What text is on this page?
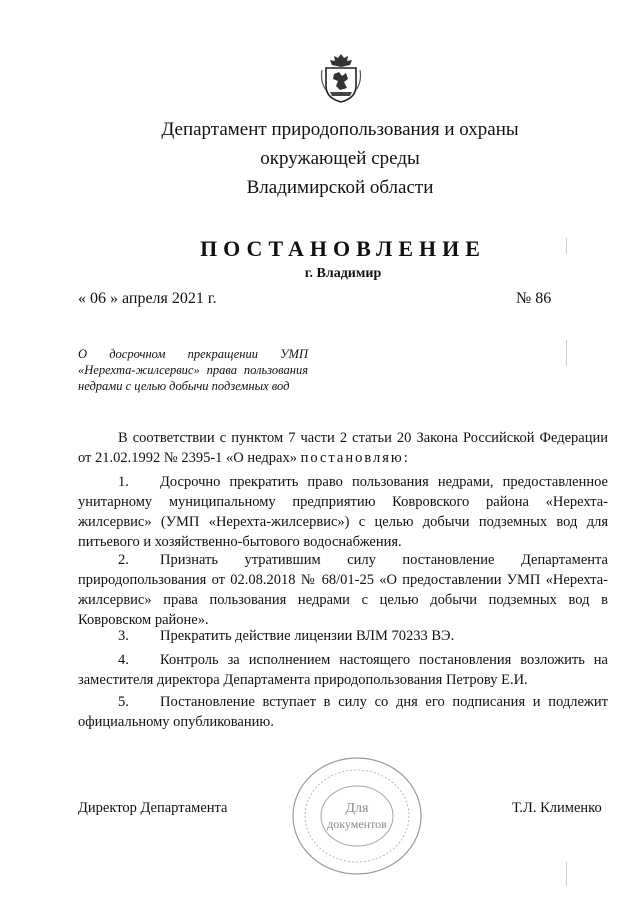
Департамент природопользования и охраны
окружающей среды
Владимирской области
ПОСТАНОВЛЕНИЕ
г. Владимир
« 06 » апреля 2021 г.	№ 86
О досрочном прекращении УМП «Нерехта-жилсервис» права пользования недрами с целью добычи подземных вод
В соответствии с пунктом 7 части 2 статьи 20 Закона Российской Федерации от 21.02.1992 № 2395-1 «О недрах» постановляю:
1. Досрочно прекратить право пользования недрами, предоставленное унитарному муниципальному предприятию Ковровского района «Нерехта-жилсервис» (УМП «Нерехта-жилсервис») с целью добычи подземных вод для питьевого и хозяйственно-бытового водоснабжения.
2. Признать утратившим силу постановление Департамента природопользования от 02.08.2018 № 68/01-25 «О предоставлении УМП «Нерехта-жилсервис» права пользования недрами с целью добычи подземных вод в Ковровском районе».
3. Прекратить действие лицензии ВЛМ 70233 ВЭ.
4. Контроль за исполнением настоящего постановления возложить на заместителя директора Департамента природопользования Петрову Е.И.
5. Постановление вступает в силу со дня его подписания и подлежит официальному опубликованию.
Для
документов
Директор Департамента	Т.Л. Клименко
